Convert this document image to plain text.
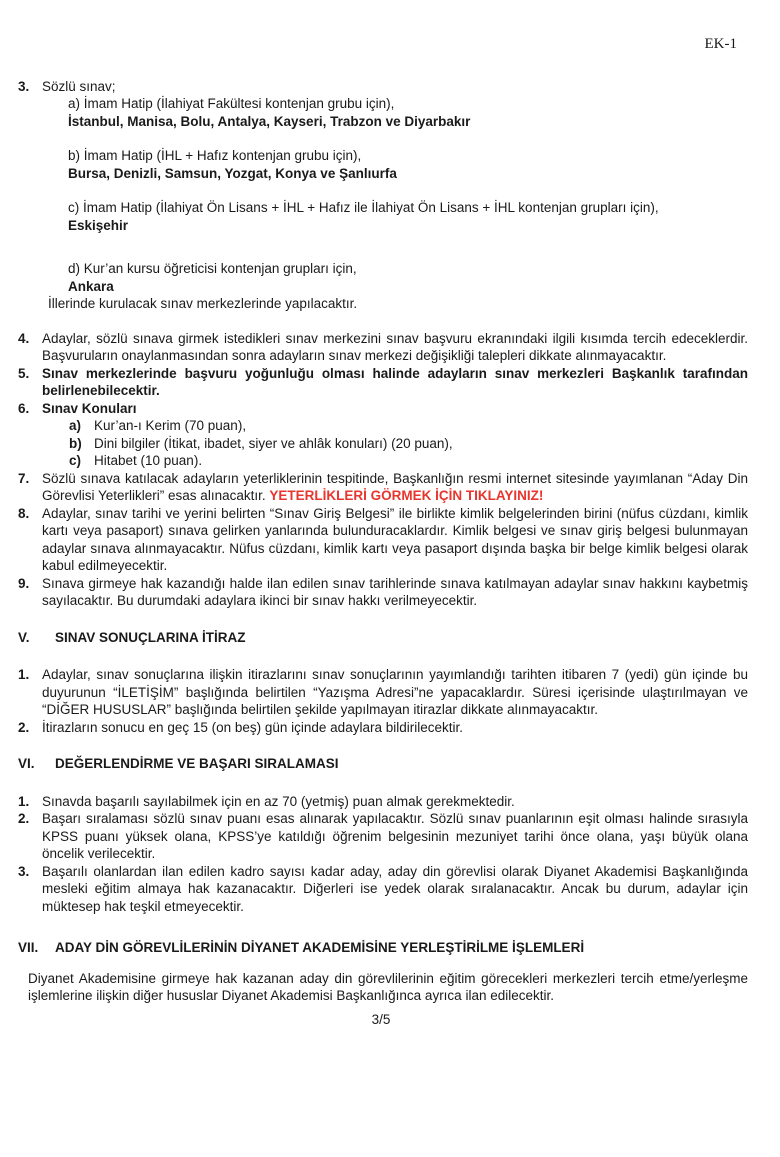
EK-1
3. Sözlü sınav;
a) İmam Hatip (İlahiyat Fakültesi kontenjan grubu için),
İstanbul, Manisa, Bolu, Antalya, Kayseri, Trabzon ve Diyarbakır
b) İmam Hatip (İHL + Hafız kontenjan grubu için),
Bursa, Denizli, Samsun, Yozgat, Konya ve Şanlıurfa
c) İmam Hatip (İlahiyat Ön Lisans + İHL + Hafız ile İlahiyat Ön Lisans + İHL kontenjan grupları için),
Eskişehir
d) Kur’an kursu öğreticisi kontenjan grupları için,
Ankara
İllerinde kurulacak sınav merkezlerinde yapılacaktır.
4. Adaylar, sözlü sınava girmek istedikleri sınav merkezini sınav başvuru ekranındaki ilgili kısımda tercih edeceklerdir. Başvuruların onaylanmasından sonra adayların sınav merkezi değişikliği talepleri dikkate alınmayacaktır.
5. Sınav merkezlerinde başvuru yoğunluğu olması halinde adayların sınav merkezleri Başkanlık tarafından belirlenebilecektir.
6. Sınav Konuları
a) Kur’an-ı Kerim (70 puan),
b) Dini bilgiler (İtikat, ibadet, siyer ve ahlâk konuları) (20 puan),
c) Hitabet (10 puan).
7. Sözlü sınava katılacak adayların yeterliklerinin tespitinde, Başkanlığın resmi internet sitesinde yayımlanan “Aday Din Görevlisi Yeterlikleri” esas alınacaktır. YETERLİKLERİ GÖRMEK İÇİN TIKLAYINIZ!
8. Adaylar, sınav tarihi ve yerini belirten “Sınav Giriş Belgesi” ile birlikte kimlik belgelerinden birini (nüfus cüzdanı, kimlik kartı veya pasaport) sınava gelirken yanlarında bulunduracaklardır. Kimlik belgesi ve sınav giriş belgesi bulunmayan adaylar sınava alınmayacaktır. Nüfus cüzdanı, kimlik kartı veya pasaport dışında başka bir belge kimlik belgesi olarak kabul edilmeyecektir.
9. Sınava girmeye hak kazandığı halde ilan edilen sınav tarihlerinde sınava katılmayan adaylar sınav hakkını kaybetmiş sayılacaktır. Bu durumdaki adaylara ikinci bir sınav hakkı verilmeyecektir.
V.	SINAV SONUÇLARINA İTİRAZ
1. Adaylar, sınav sonuçlarına ilişkin itirazlarını sınav sonuçlarının yayımlandığı tarihten itibaren 7 (yedi) gün içinde bu duyurunun “İLETİŞİM” başlığında belirtilen “Yazışma Adresi”ne yapacaklardır. Süresi içerisinde ulaştırılmayan ve “DİĞER HUSUSLAR” başlığında belirtilen şekilde yapılmayan itirazlar dikkate alınmayacaktır.
2. İtirazların sonucu en geç 15 (on beş) gün içinde adaylara bildirilecektir.
VI.	DEĞERLENDİRME VE BAŞARI SIRALAMASI
1. Sınavda başarılı sayılabilmek için en az 70 (yetmiş) puan almak gerekmektedir.
2. Başarı sıralaması sözlü sınav puanı esas alınarak yapılacaktır. Sözlü sınav puanlarının eşit olması halinde sırasıyla KPSS puanı yüksek olana, KPSS’ye katıldığı öğrenim belgesinin mezuniyet tarihi önce olana, yaşı büyük olana öncelik verilecektir.
3. Başarılı olanlardan ilan edilen kadro sayısı kadar aday, aday din görevlisi olarak Diyanet Akademisi Başkanlığında mesleki eğitim almaya hak kazanacaktır. Diğerleri ise yedek olarak sıralanacaktır. Ancak bu durum, adaylar için müktesep hak teşkil etmeyecektir.
VII.	ADAY DİN GÖREVLİLERİNİN DİYANET AKADEMİSİNE YERLEŞTİRİLME İŞLEMLERİ
Diyanet Akademisine girmeye hak kazanan aday din görevlilerinin eğitim görecekleri merkezleri tercih etme/yerleşme işlemlerine ilişkin diğer hususlar Diyanet Akademisi Başkanlığınca ayrıca ilan edilecektir.
3/5
